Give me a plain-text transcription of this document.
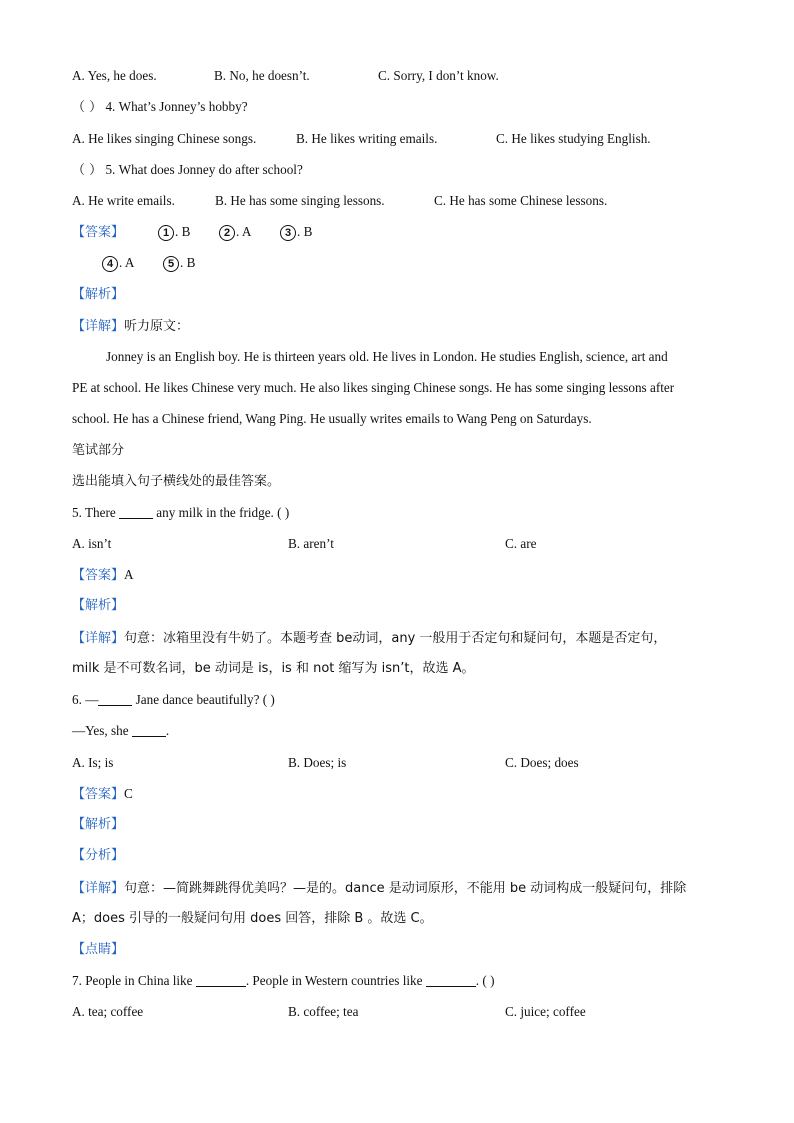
A. Yes, he does.	B. No, he doesn’t.	C. Sorry, I don’t know.
（ ） 4. What’s Jonney’s hobby?
A. He likes singing Chinese songs.	B. He likes writing emails.	C. He likes studying English.
（ ） 5. What does Jonney do after school?
A. He write emails.	B. He has some singing lessons.	C. He has some Chinese lessons.
【答案】	1 . B	2 . A	3 . B
4 . A	5 . B
【解析】
【详解】听力原文：
Jonney is an English boy. He is thirteen years old. He lives in London. He studies English, science, art and
PE at school. He likes Chinese very much. He also likes singing Chinese songs. He has some singing lessons after
school. He has a Chinese friend, Wang Ping. He usually writes emails to Wang Peng on Saturdays.
笔试部分
选出能填入句子横线处的最佳答案。
5. There	any milk in the fridge. ( )
A. isn’t	B. aren’t	C. are
【答案】A
【解析】
【详解】句意：冰箱里没有牛奶了。本题考查 be动词，any 一般用于否定句和疑问句，本题是否定句，
milk 是不可数名词，be 动词是 is，is 和 not 缩写为 isn’t，故选 A。
6. —	Jane dance beautifully? ( )
—Yes, she	.
A. Is; is	B. Does; is	C. Does; does
【答案】C
【解析】
【分析】
【详解】句意：—简跳舞跳得优美吗？—是的。dance 是动词原形，不能用 be 动词构成一般疑问句，排除
A；does 引导的一般疑问句用 does 回答，排除 B 。故选 C。
【点睛】
7. People in China like	. People in Western countries like	. ( )
A. tea; coffee	B. coffee; tea	C. juice; coffee
